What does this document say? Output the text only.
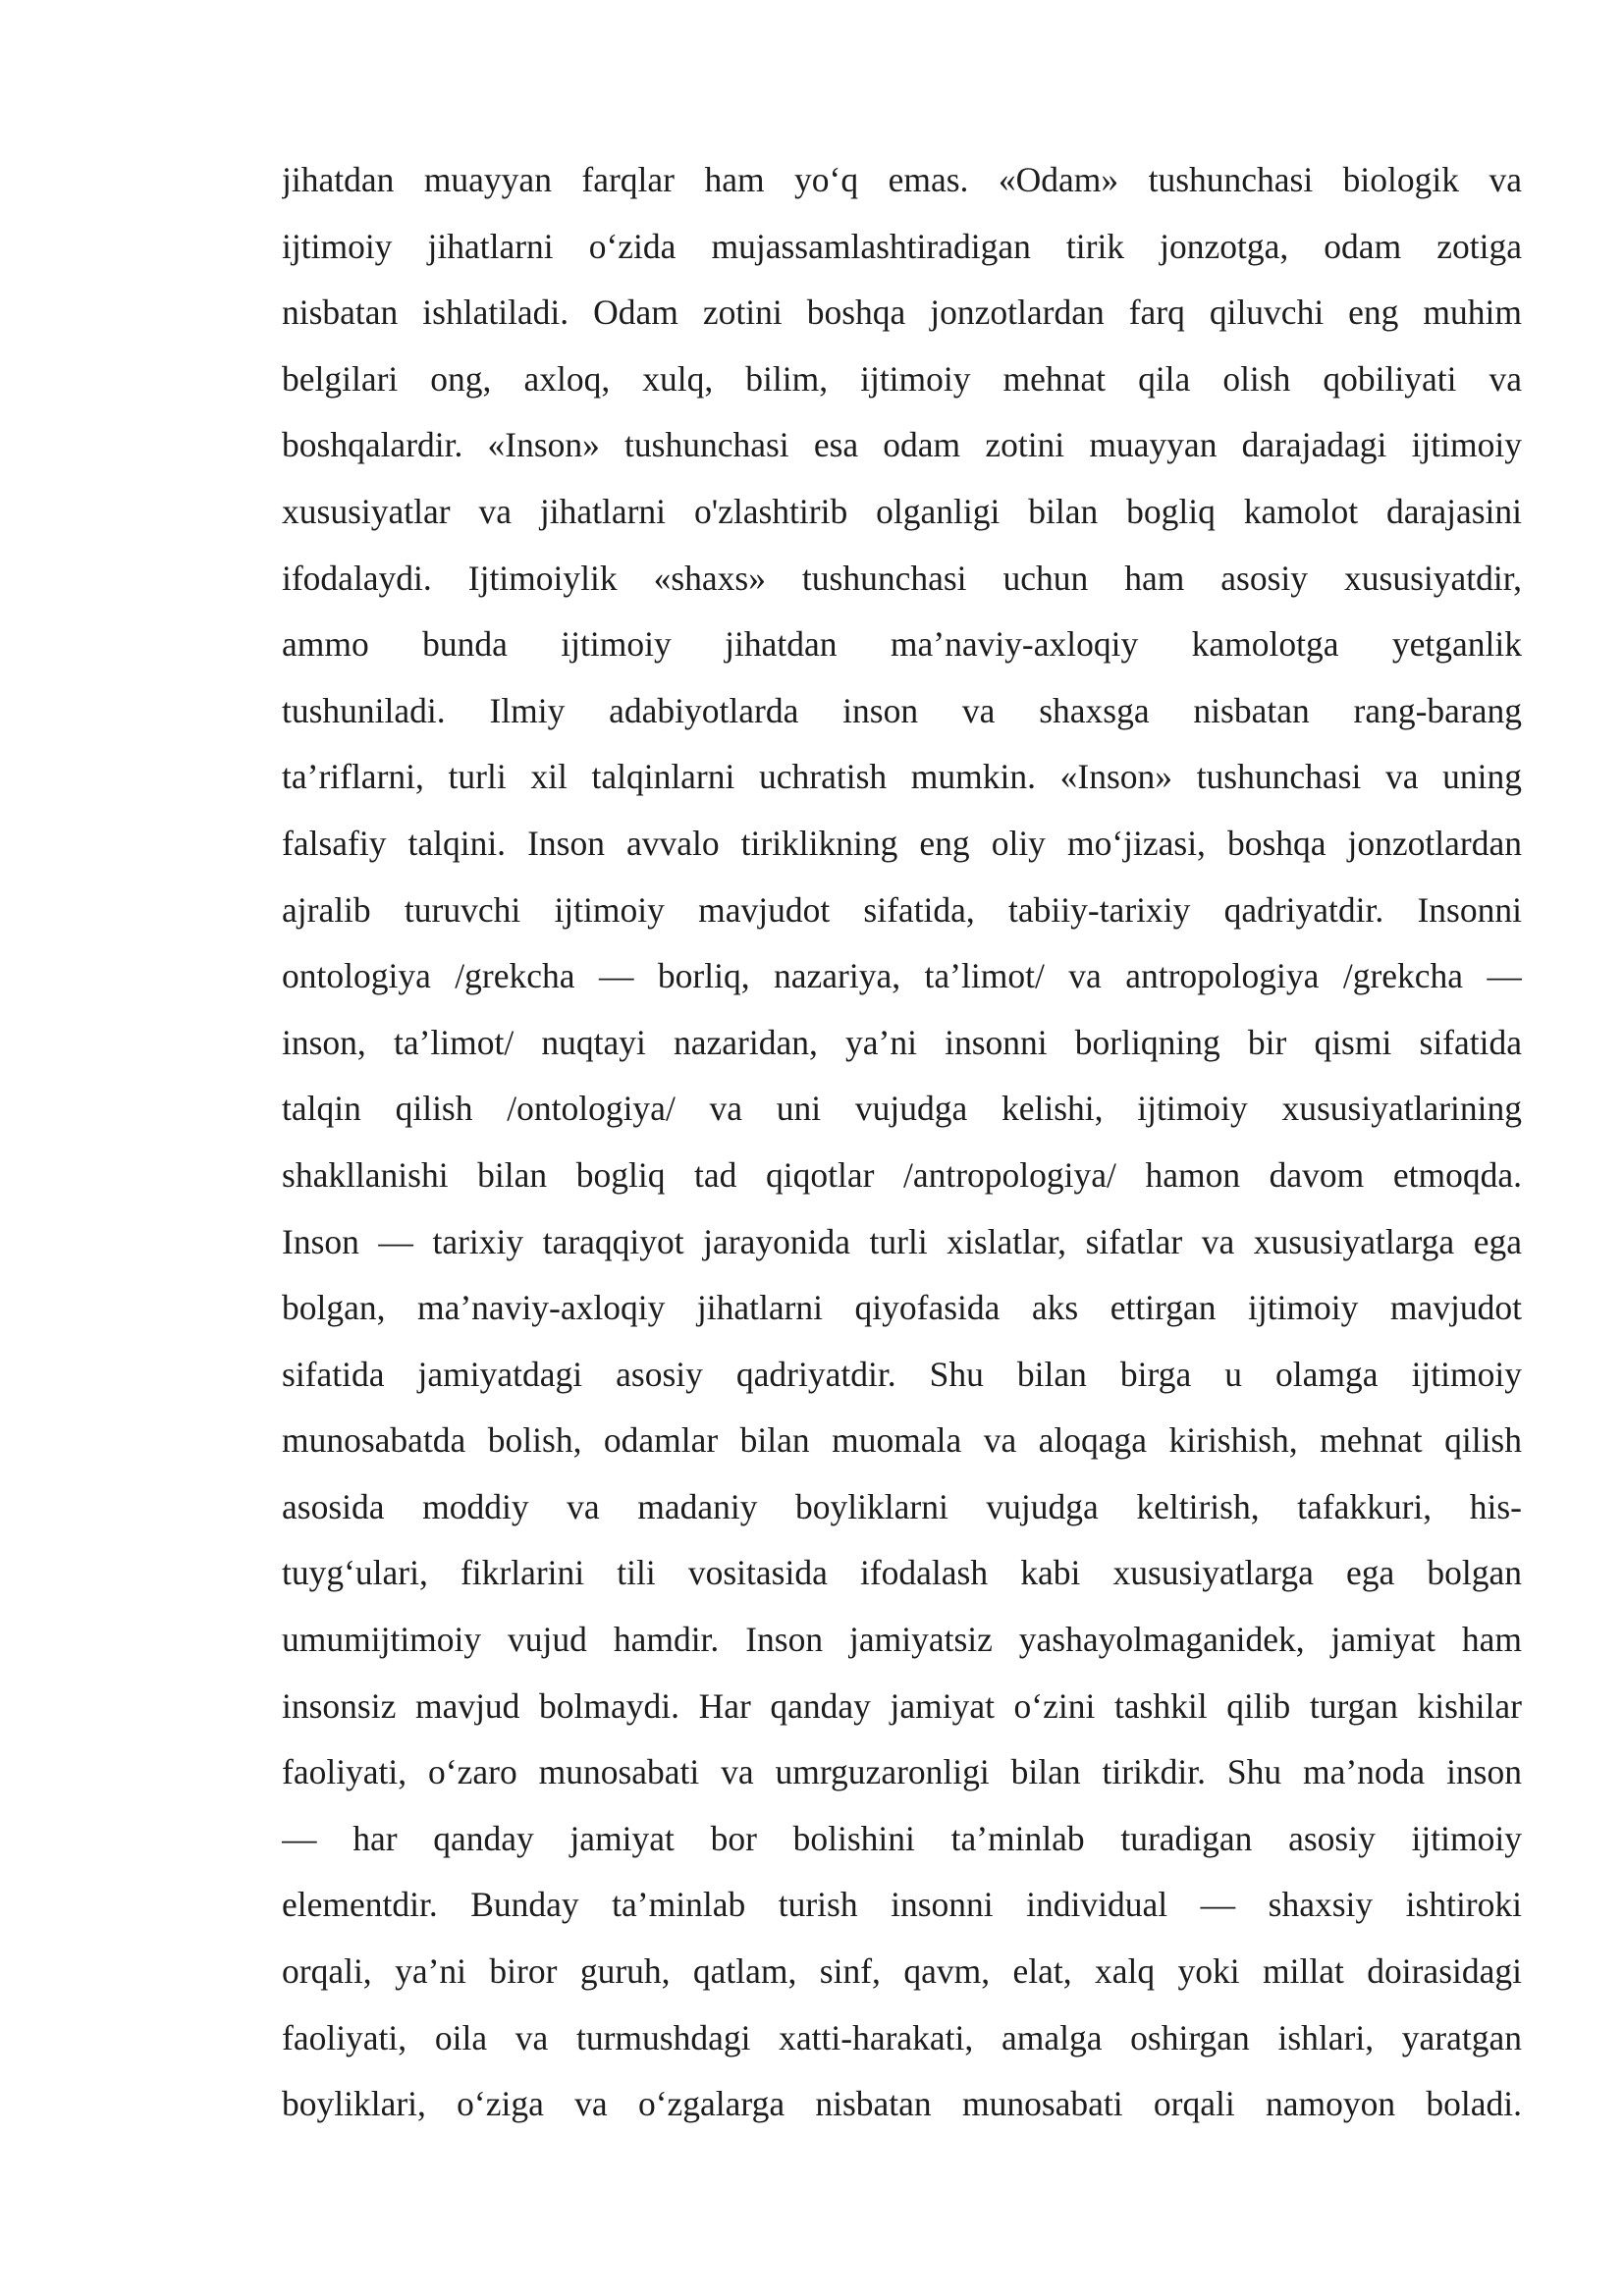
jihatdan muayyan farqlar ham yo‘q emas. «Odam» tushunchasi biologik va
ijtimoiy jihatlarni o‘zida mujassamlashtiradigan tirik jonzotga, odam zotiga
nisbatan ishlatiladi. Odam zotini boshqa jonzotlardan farq qiluvchi eng muhim
belgilari ong, axloq, xulq, bilim, ijtimoiy mehnat qila olish qobiliyati va
boshqalardir. «Inson» tushunchasi esa odam zotini muayyan darajadagi ijtimoiy
xususiyatlar va jihatlarni o'zlashtirib olganligi bilan bogliq kamolot darajasini
ifodalaydi. Ijtimoiylik «shaxs» tushunchasi uchun ham asosiy xususiyatdir,
ammo bunda ijtimoiy jihatdan ma’naviy-axloqiy kamolotga yetganlik
tushuniladi. Ilmiy adabiyotlarda inson va shaxsga nisbatan rang-barang
ta’riflarni, turli xil talqinlarni uchratish mumkin. «Inson» tushunchasi va uning
falsafiy talqini. Inson avvalo tiriklikning eng oliy mo‘jizasi, boshqa jonzotlardan
ajralib turuvchi ijtimoiy mavjudot sifatida, tabiiy-tarixiy qadriyatdir. Insonni
ontologiya /grekcha — borliq, nazariya, ta’limot/ va antropologiya /grekcha —
inson, ta’limot/ nuqtayi nazaridan, ya’ni insonni borliqning bir qismi sifatida
talqin qilish /ontologiya/ va uni vujudga kelishi, ijtimoiy xususiyatlarining
shakllanishi bilan bogliq tad qiqotlar /antropologiya/ hamon davom etmoqda.
Inson — tarixiy taraqqiyot jarayonida turli xislatlar, sifatlar va xususiyatlarga ega
bolgan, ma’naviy-axloqiy jihatlarni qiyofasida aks ettirgan ijtimoiy mavjudot
sifatida jamiyatdagi asosiy qadriyatdir. Shu bilan birga u olamga ijtimoiy
munosabatda bolish, odamlar bilan muomala va aloqaga kirishish, mehnat qilish
asosida moddiy va madaniy boyliklarni vujudga keltirish, tafakkuri, his-
tuyg‘ulari, fikrlarini tili vositasida ifodalash kabi xususiyatlarga ega bolgan
umumijtimoiy vujud hamdir. Inson jamiyatsiz yashayolmaganidek, jamiyat ham
insonsiz mavjud bolmaydi. Har qanday jamiyat o‘zini tashkil qilib turgan kishilar
faoliyati, o‘zaro munosabati va umrguzaronligi bilan tirikdir. Shu ma’noda inson
— har qanday jamiyat bor bolishini ta’minlab turadigan asosiy ijtimoiy
elementdir. Bunday ta’minlab turish insonni individual — shaxsiy ishtiroki
orqali, ya’ni biror guruh, qatlam, sinf, qavm, elat, xalq yoki millat doirasidagi
faoliyati, oila va turmushdagi xatti-harakati, amalga oshirgan ishlari, yaratgan
boyliklari, o‘ziga va o‘zgalarga nisbatan munosabati orqali namoyon boladi.
